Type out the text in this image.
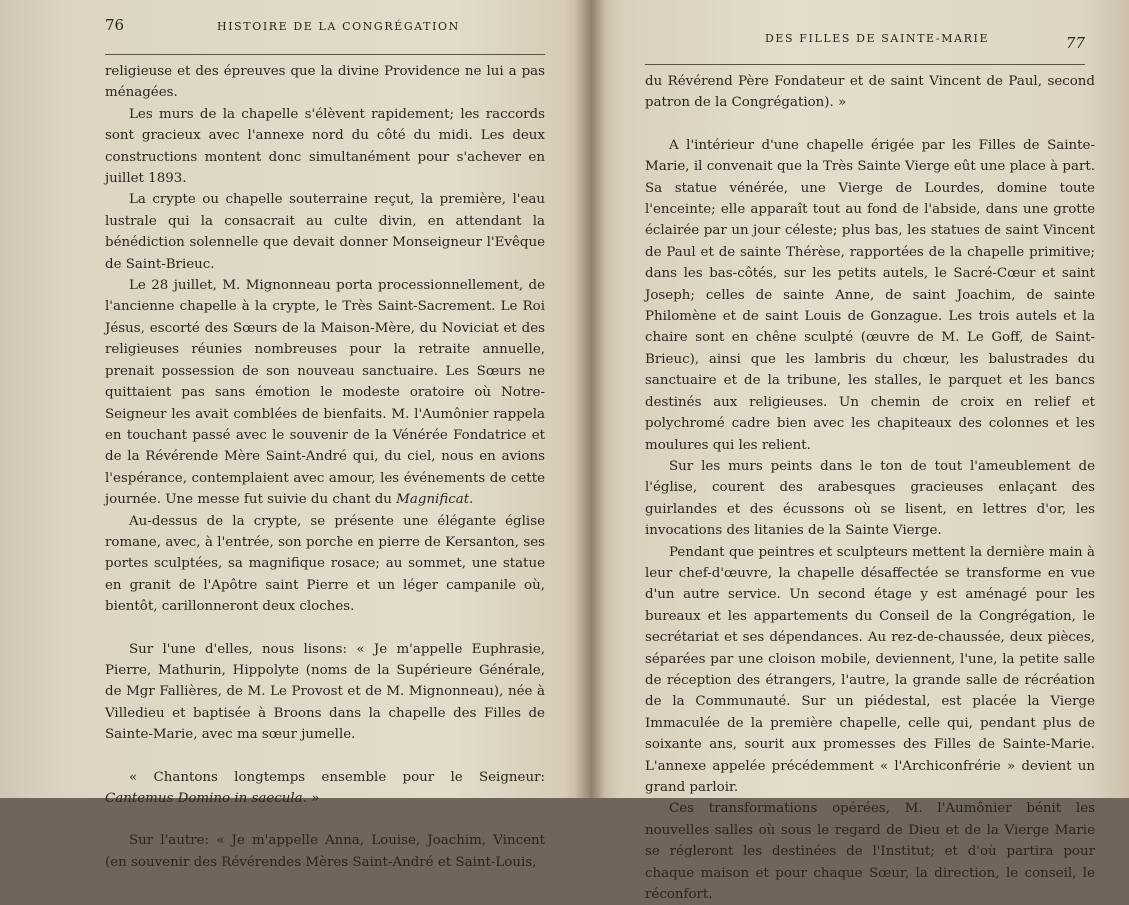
76	HISTOIRE DE LA CONGRÉGATION

religieuse et des épreuves que la divine Providence ne lui a pas ménagées.

Les murs de la chapelle s'élèvent rapidement; les raccords sont gracieux avec l'annexe nord du côté du midi. Les deux constructions montent donc simultanément pour s'achever en juillet 1893.

La crypte ou chapelle souterraine reçut, la première, l'eau lustrale qui la consacrait au culte divin, en attendant la bénédiction solennelle que devait donner Monseigneur l'Evêque de Saint-Brieuc.

Le 28 juillet, M. Mignonneau porta processionnellement, de l'ancienne chapelle à la crypte, le Très Saint-Sacrement. Le Roi Jésus, escorté des Sœurs de la Maison-Mère, du Noviciat et des religieuses réunies nombreuses pour la retraite annuelle, prenait possession de son nouveau sanctuaire. Les Sœurs ne quittaient pas sans émotion le modeste oratoire où Notre-Seigneur les avait comblées de bienfaits. M. l'Aumônier rappela en touchant passé avec le souvenir de la Vénérée Fondatrice et de la Révérende Mère Saint-André qui, du ciel, nous en avions l'espérance, contemplaient avec amour, les événements de cette journée. Une messe fut suivie du chant du Magnificat.

Au-dessus de la crypte, se présente une élégante église romane, avec, à l'entrée, son porche en pierre de Kersanton, ses portes sculptées, sa magnifique rosace; au sommet, une statue en granit de l'Apôtre saint Pierre et un léger campanile où, bientôt, carillonneront deux cloches.

Sur l'une d'elles, nous lisons: « Je m'appelle Euphrasie, Pierre, Mathurin, Hippolyte (noms de la Supérieure Générale, de Mgr Fallières, de M. Le Provost et de M. Mignonneau), née à Villedieu et baptisée à Broons dans la chapelle des Filles de Sainte-Marie, avec ma sœur jumelle.

« Chantons longtemps ensemble pour le Seigneur: Cantemus Domino in saecula. »

Sur l'autre: « Je m'appelle Anna, Louise, Joachim, Vincent (en souvenir des Révérendes Mères Saint-André et Saint-Louis,

DES FILLES DE SAINTE-MARIE	77

du Révérend Père Fondateur et de saint Vincent de Paul, second patron de la Congrégation). »

A l'intérieur d'une chapelle érigée par les Filles de Sainte-Marie, il convenait que la Très Sainte Vierge eût une place à part. Sa statue vénérée, une Vierge de Lourdes, domine toute l'enceinte; elle apparaît tout au fond de l'abside, dans une grotte éclairée par un jour céleste; plus bas, les statues de saint Vincent de Paul et de sainte Thérèse, rapportées de la chapelle primitive; dans les bas-côtés, sur les petits autels, le Sacré-Cœur et saint Joseph; celles de sainte Anne, de saint Joachim, de sainte Philomène et de saint Louis de Gonzague. Les trois autels et la chaire sont en chêne sculpté (œuvre de M. Le Goff, de Saint-Brieuc), ainsi que les lambris du chœur, les balustrades du sanctuaire et de la tribune, les stalles, le parquet et les bancs destinés aux religieuses. Un chemin de croix en relief et polychromé cadre bien avec les chapiteaux des colonnes et les moulures qui les relient.

Sur les murs peints dans le ton de tout l'ameublement de l'église, courent des arabesques gracieuses enlaçant des guirlandes et des écussons où se lisent, en lettres d'or, les invocations des litanies de la Sainte Vierge.

Pendant que peintres et sculpteurs mettent la dernière main à leur chef-d'œuvre, la chapelle désaffectée se transforme en vue d'un autre service. Un second étage y est aménagé pour les bureaux et les appartements du Conseil de la Congrégation, le secrétariat et ses dépendances. Au rez-de-chaussée, deux pièces, séparées par une cloison mobile, deviennent, l'une, la petite salle de réception des étrangers, l'autre, la grande salle de récréation de la Communauté. Sur un piédestal, est placée la Vierge Immaculée de la première chapelle, celle qui, pendant plus de soixante ans, sourit aux promesses des Filles de Sainte-Marie. L'annexe appelée précédemment « l'Archiconfrérie » devient un grand parloir.

Ces transformations opérées, M. l'Aumônier bénit les nouvelles salles où sous le regard de Dieu et de la Vierge Marie se régleront les destinées de l'Institut; et d'où partira pour chaque maison et pour chaque Sœur, la direction, le conseil, le réconfort.
